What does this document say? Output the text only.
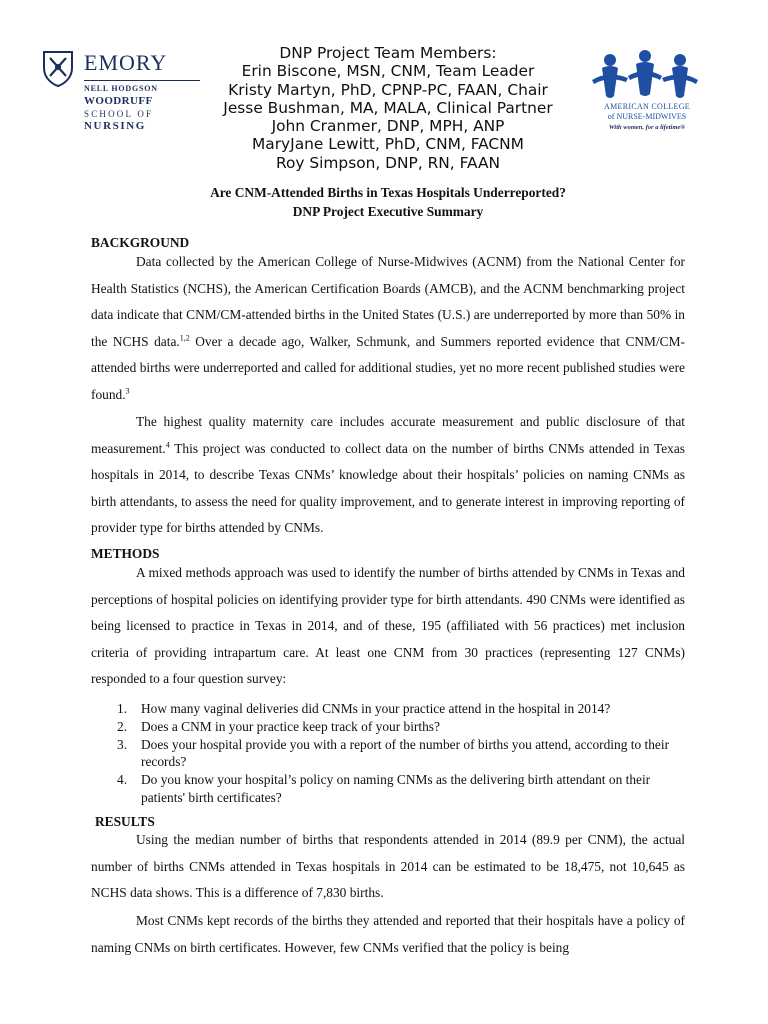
EMORY
NELL HODGSON
WOODRUFF
SCHOOL OF
NURSING
AMERICAN COLLEGE
of NURSE-MIDWIVES
With women, for a lifetime®
DNP Project Team Members:
Erin Biscone, MSN, CNM, Team Leader
Kristy Martyn, PhD, CPNP-PC, FAAN, Chair
Jesse Bushman, MA, MALA, Clinical Partner
John Cranmer, DNP, MPH, ANP
MaryJane Lewitt, PhD, CNM, FACNM
Roy Simpson, DNP, RN, FAAN
Are CNM-Attended Births in Texas Hospitals Underreported?
DNP Project Executive Summary
BACKGROUND
Data collected by the American College of Nurse-Midwives (ACNM) from the National Center for Health Statistics (NCHS), the American Certification Boards (AMCB), and the ACNM benchmarking project data indicate that CNM/CM-attended births in the United States (U.S.) are underreported by more than 50% in the NCHS data.$^{1,2}$ Over a decade ago, Walker, Schmunk, and Summers reported evidence that CNM/CM-attended births were underreported and called for additional studies, yet no more recent published studies were found.$^3$
The highest quality maternity care includes accurate measurement and public disclosure of that measurement.$^4$ This project was conducted to collect data on the number of births CNMs attended in Texas hospitals in 2014, to describe Texas CNMs’ knowledge about their hospitals’ policies on naming CNMs as birth attendants, to assess the need for quality improvement, and to generate interest in improving reporting of provider type for births attended by CNMs.
METHODS
A mixed methods approach was used to identify the number of births attended by CNMs in Texas and perceptions of hospital policies on identifying provider type for birth attendants. 490 CNMs were identified as being licensed to practice in Texas in 2014, and of these, 195 (affiliated with 56 practices) met inclusion criteria of providing intrapartum care. At least one CNM from 30 practices (representing 127 CNMs) responded to a four question survey:
1. How many vaginal deliveries did CNMs in your practice attend in the hospital in 2014?
2. Does a CNM in your practice keep track of your births?
3. Does your hospital provide you with a report of the number of births you attend, according to their records?
4. Do you know your hospital’s policy on naming CNMs as the delivering birth attendant on their patients' birth certificates?
RESULTS
Using the median number of births that respondents attended in 2014 (89.9 per CNM), the actual number of births CNMs attended in Texas hospitals in 2014 can be estimated to be 18,475, not 10,645 as NCHS data shows. This is a difference of 7,830 births.
Most CNMs kept records of the births they attended and reported that their hospitals have a policy of naming CNMs on birth certificates. However, few CNMs verified that the policy is being
